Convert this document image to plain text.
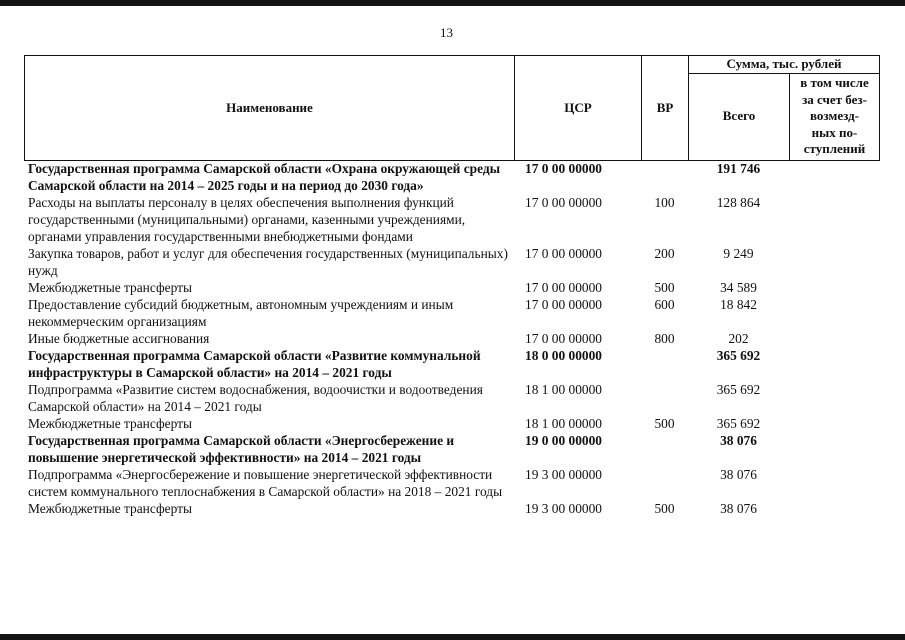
13
Наименование	ЦСР	ВР	Сумма, тыс. рублей	
			Всего	в том числе
за счет без-
возмезд-
ных по-
ступлений
Государственная программа Самарской области «Охрана окружающей среды Самарской области на 2014 – 2025 годы и на период до 2030 года»	17 0 00 00000		191 746	
Расходы на выплаты персоналу в целях обеспечения выполнения функций государственными (муниципальными) органами, казенными учреждениями, органами управления государственными внебюджетными фондами	17 0 00 00000	100	128 864	
Закупка товаров, работ и услуг для обеспечения государственных (муниципальных) нужд	17 0 00 00000	200	9 249	
Межбюджетные трансферты	17 0 00 00000	500	34 589	
Предоставление субсидий бюджетным, автономным учреждениям и иным некоммерческим организациям	17 0 00 00000	600	18 842	
Иные бюджетные ассигнования	17 0 00 00000	800	202	
Государственная программа Самарской области «Развитие коммунальной инфраструктуры в Самарской области» на 2014 – 2021 годы	18 0 00 00000		365 692	
Подпрограмма «Развитие систем водоснабжения, водоочистки и водоотведения Самарской области» на 2014 – 2021 годы	18 1 00 00000		365 692	
Межбюджетные трансферты	18 1 00 00000	500	365 692	
Государственная программа Самарской области «Энергосбережение и повышение энергетической эффективности» на 2014 – 2021 годы	19 0 00 00000		38 076	
Подпрограмма «Энергосбережение и повышение энергетической эффективности систем коммунального теплоснабжения в Самарской области» на 2018 – 2021 годы	19 3 00 00000		38 076	
Межбюджетные трансферты	19 3 00 00000	500	38 076	
